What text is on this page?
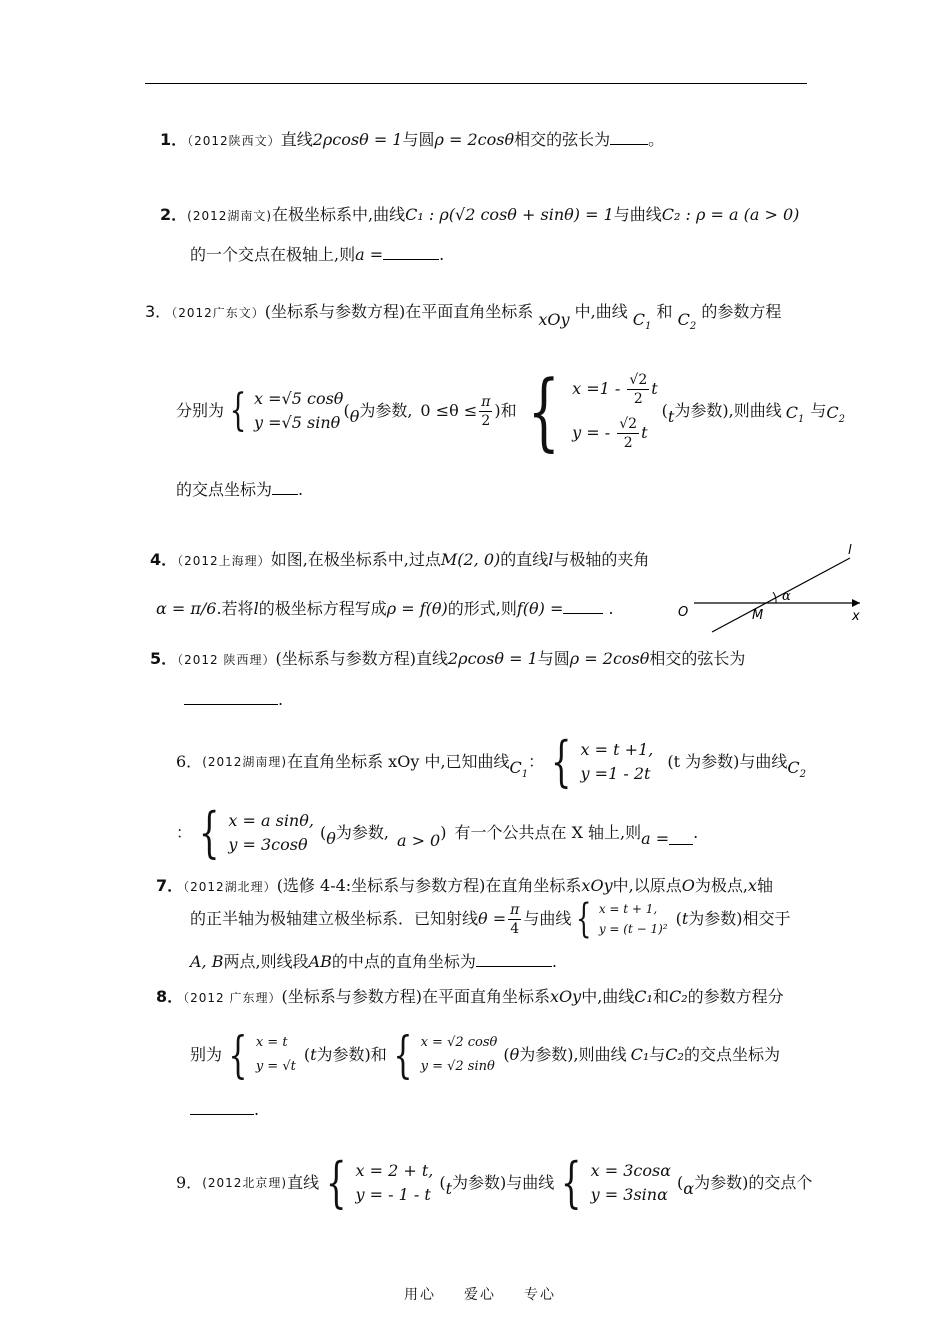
1．（2012陕西文）直线2ρcosθ = 1与圆ρ = 2cosθ相交的弦长为 。
2．(2012湖南文)在极坐标系中,曲线C₁ : ρ(√2 cosθ + sinθ) = 1与曲线C₂ : ρ = a (a > 0)
的一个交点在极轴上,则a =	.
3．（2012广东文）(坐标系与参数方程)在平面直角坐标系 xOy 中,曲线 $C_1$ 和 $C_2$ 的参数方程
分别为 { x =√5 cosθ
y =√5 sinθ
( θ 为参数, $0 \le\theta \le \frac{\pi}{2}$ )和 { $x =1 - \frac{√2}{2}$ t
y = - $\frac{√2}{2}$ t
( t 为参数),则曲线 $C_1$
与 $C_2$
的交点坐标为 .
4．（2012上海理）如图,在极坐标系中,过点M(2, 0)的直线l与极轴的夹角
α = π/6.若将l的极坐标方程写成ρ = f(θ)的形式,则f(θ) =	.	O	M	x
l
α
5．（2012 陕西理）(坐标系与参数方程)直线2ρcosθ = 1与圆ρ = 2cosθ相交的弦长为
.
6． (2012湖南理) 在直角坐标系 xOy 中,已知曲线 $C_1$
： { x = t +1,
y =1 - 2t
(t 为参数)与曲线 $C_2$
： { x = a sinθ,
y = 3cosθ
( θ 为参数, a > 0 ) 有一个公共点在 X 轴上,则 a = .
7．（2012湖北理）(选修 4-4:坐标系与参数方程)在直角坐标系xOy中,以原点O为极点,x轴
的正半轴为极轴建立极坐标系．已知射线 $\theta = \frac{\pi}{4}$ 与曲线 { x = t + 1,
y = (t − 1)²
( t 为参数)相交于
A, B两点,则线段AB的中点的直角坐标为	.
8．（2012 广东理）(坐标系与参数方程)在平面直角坐标系xOy中,曲线C₁和C₂的参数方程分
别为 { x = t
y = √t
( t 为参数)和 { x = √2 cosθ
y = √2 sinθ
( θ 为参数),则曲线 C₁ 与 C₂ 的交点坐标为
.
9． (2012北京理) 直线 { x = 2 + t,
y = - 1 - t
( t 为参数)与曲线 { x = 3cosα
y = 3sinα
( α 为参数)的交点个
用心 爱心 专心
